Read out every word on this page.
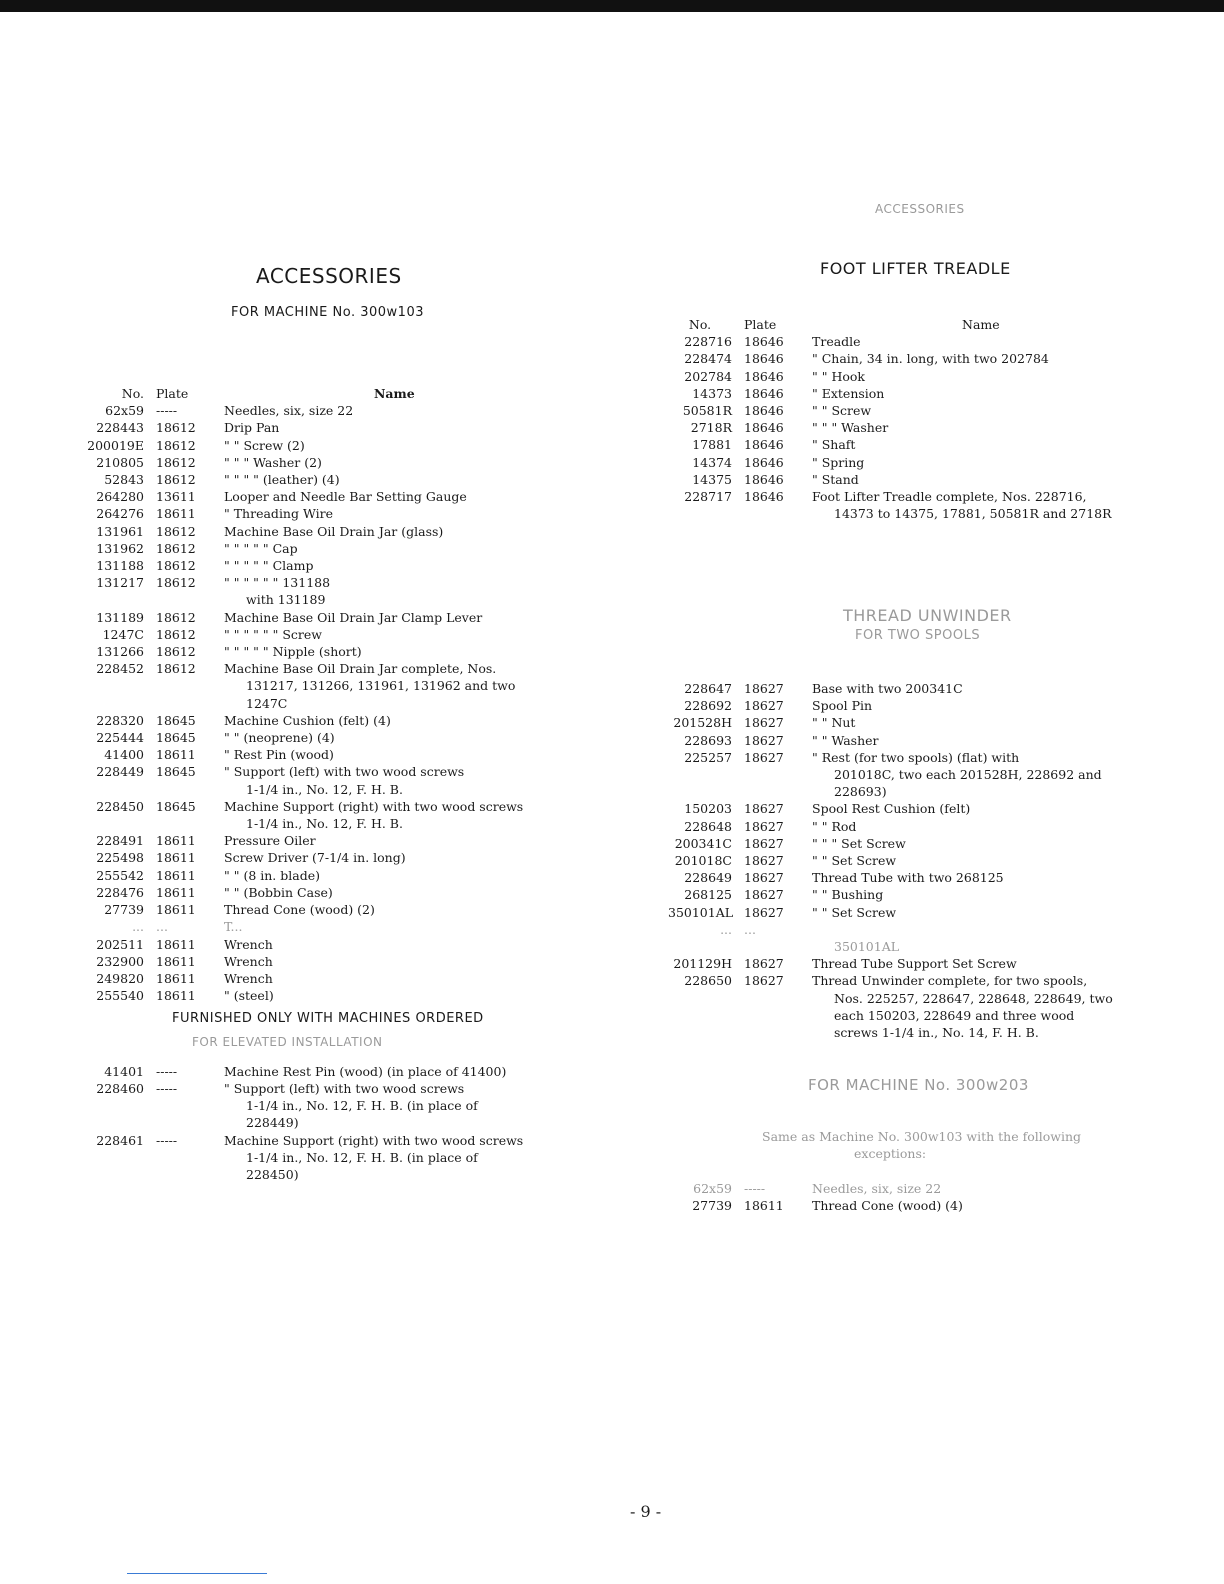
ACCESSORIES
ACCESSORIES
FOR MACHINE No. 300w103
No. Plate	Name
62x59 -----	Needles, six, size 22
228443 18612	Drip Pan
200019E 18612	" " Screw (2)
210805 18612	" " " Washer (2)
52843 18612	" " " " (leather) (4)
264280 13611	Looper and Needle Bar Setting Gauge
264276 18611	" Threading Wire
131961 18612	Machine Base Oil Drain Jar (glass)
131962 18612	" " " " " Cap
131188 18612	" " " " " Clamp
131217 18612	" " " " " " 131188
with 131189
131189 18612	Machine Base Oil Drain Jar Clamp Lever
1247C 18612	" " " " " " Screw
131266 18612	" " " " " Nipple (short)
228452 18612	Machine Base Oil Drain Jar complete, Nos.
131217, 131266, 131961, 131962 and two
1247C
228320 18645	Machine Cushion (felt) (4)
225444 18645	" " (neoprene) (4)
41400 18611	" Rest Pin (wood)
228449 18645	" Support (left) with two wood screws
1-1/4 in., No. 12, F. H. B.
228450 18645	Machine Support (right) with two wood screws
1-1/4 in., No. 12, F. H. B.
228491 18611	Pressure Oiler
225498 18611	Screw Driver (7-1/4 in. long)
255542 18611	" " (8 in. blade)
228476 18611	" " (Bobbin Case)
27739 18611	Thread Cone (wood) (2)
... ...	T...
202511 18611	Wrench
232900 18611	Wrench
249820 18611	Wrench
255540 18611	" (steel)
FURNISHED ONLY WITH MACHINES ORDERED
FOR ELEVATED INSTALLATION
41401 -----	Machine Rest Pin (wood) (in place of 41400)
228460 -----	" Support (left) with two wood screws
1-1/4 in., No. 12, F. H. B. (in place of
228449)
228461 -----	Machine Support (right) with two wood screws
1-1/4 in., No. 12, F. H. B. (in place of
228450)
FOOT LIFTER TREADLE
No.	Plate	Name
228716 18646	Treadle
228474 18646	" Chain, 34 in. long, with two 202784
202784 18646	" " Hook
14373 18646	" Extension
50581R 18646	" " Screw
2718R 18646	" " " Washer
17881 18646	" Shaft
14374 18646	" Spring
14375 18646	" Stand
228717 18646	Foot Lifter Treadle complete, Nos. 228716,
14373 to 14375, 17881, 50581R and 2718R
THREAD UNWINDER
FOR TWO SPOOLS
228647 18627	Base with two 200341C
228692 18627	Spool Pin
201528H 18627	" " Nut
228693 18627	" " Washer
225257 18627	" Rest (for two spools) (flat) with
201018C, two each 201528H, 228692 and
228693)
150203 18627	Spool Rest Cushion (felt)
228648 18627	" " Rod
200341C 18627	" " " Set Screw
201018C 18627	" " Set Screw
228649 18627	Thread Tube with two 268125
268125 18627	" " Bushing
350101AL 18627	" " Set Screw
... ...
350101AL
201129H 18627	Thread Tube Support Set Screw
228650 18627	Thread Unwinder complete, for two spools,
Nos. 225257, 228647, 228648, 228649, two
each 150203, 228649 and three wood
screws 1-1/4 in., No. 14, F. H. B.
FOR MACHINE No. 300w203
Same as Machine No. 300w103 with the following
exceptions:
62x59 -----	Needles, six, size 22
27739 18611	Thread Cone (wood) (4)
- 9 -
